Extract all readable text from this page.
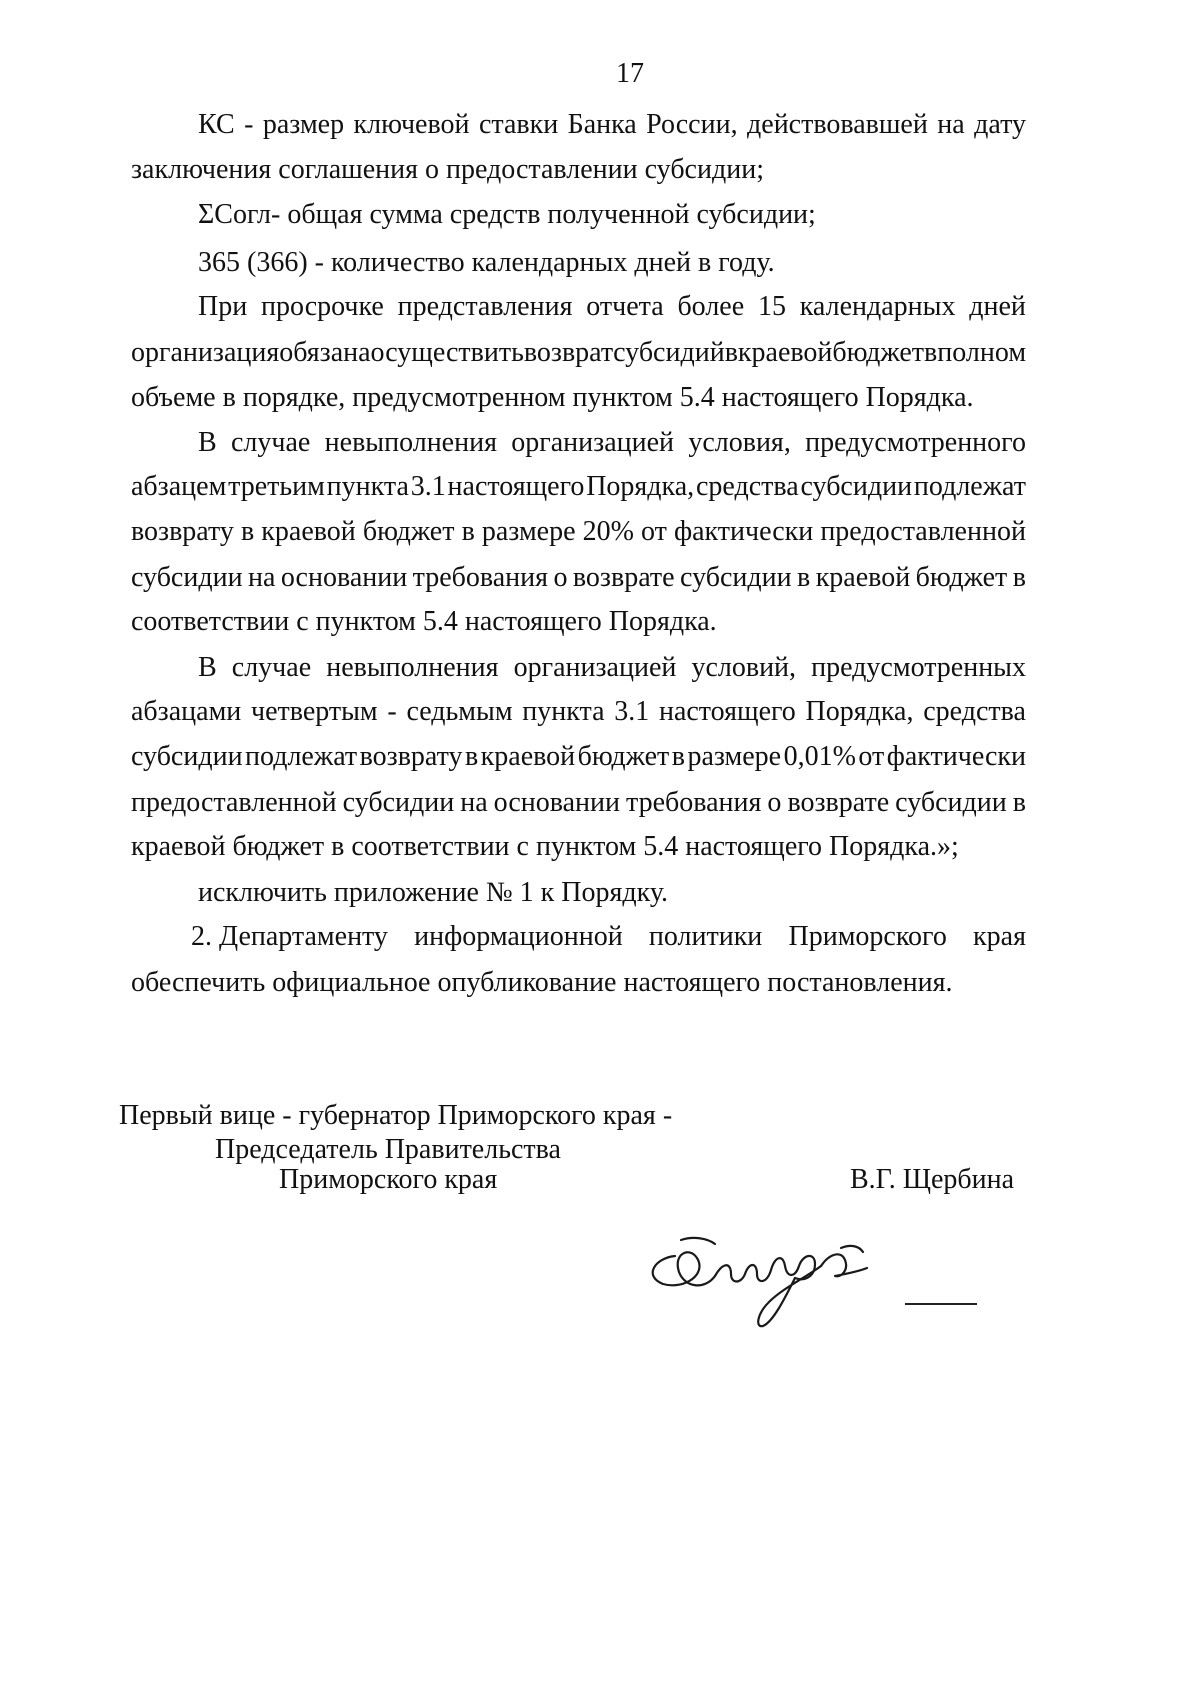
17
КС - размер ключевой ставки Банка России, действовавшей на дату
заключения соглашения о предоставлении субсидии;
ΣСогл- общая сумма средств полученной субсидии;
365 (366) - количество календарных дней в году.
При просрочке представления отчета более 15 календарных дней
организация обязана осуществить возврат субсидий в краевой бюджет в полном
объеме в порядке, предусмотренном пунктом 5.4 настоящего Порядка.
В случае невыполнения организацией условия, предусмотренного
абзацем третьим пункта 3.1 настоящего Порядка, средства субсидии подлежат
возврату в краевой бюджет в размере 20% от фактически предоставленной
субсидии на основании требования о возврате субсидии в краевой бюджет в
соответствии с пунктом 5.4 настоящего Порядка.
В случае невыполнения организацией условий, предусмотренных
абзацами четвертым - седьмым пункта 3.1 настоящего Порядка, средства
субсидии подлежат возврату в краевой бюджет в размере 0,01% от фактически
предоставленной субсидии на основании требования о возврате субсидии в
краевой бюджет в соответствии с пунктом 5.4 настоящего Порядка.»;
исключить приложение № 1 к Порядку.
2. Департаменту информационной политики Приморского края
обеспечить официальное опубликование настоящего постановления.
Первый вице - губернатор Приморского края -
Председатель Правительства
Приморского края	В.Г. Щербина
